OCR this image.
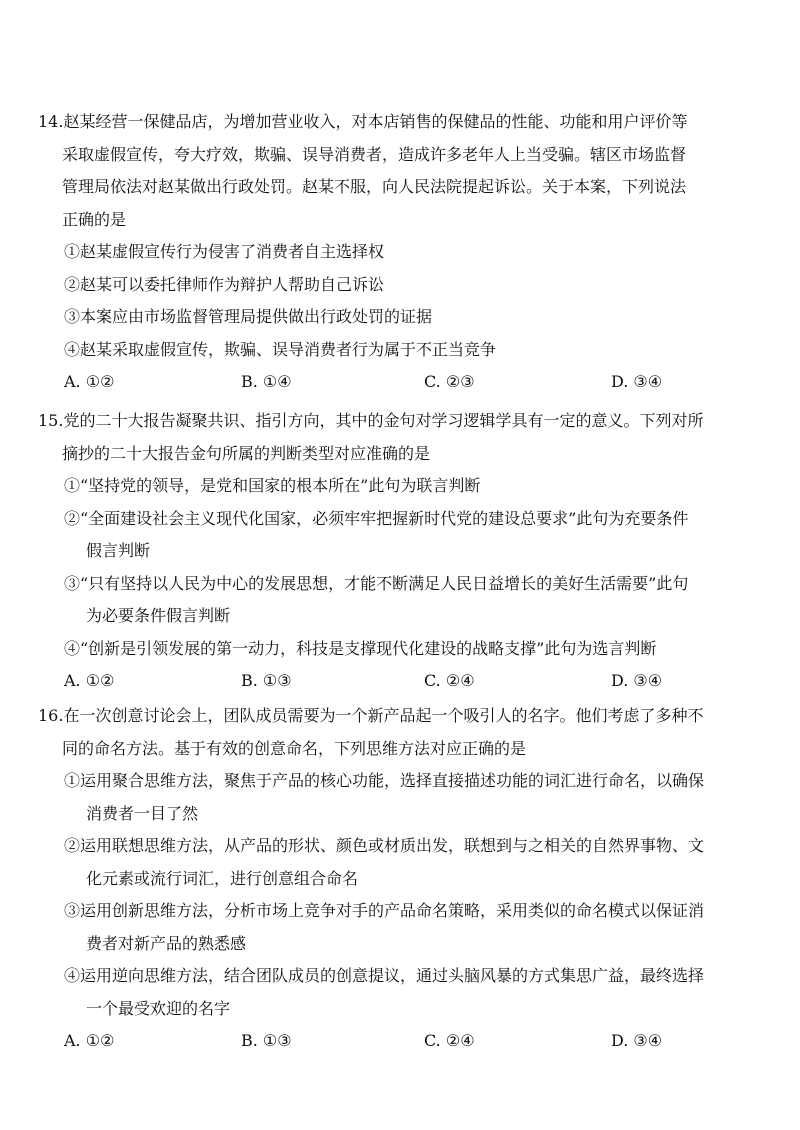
14.赵某经营一保健品店，为增加营业收入，对本店销售的保健品的性能、功能和用户评价等
采取虚假宣传，夸大疗效，欺骗、误导消费者，造成许多老年人上当受骗。辖区市场监督
管理局依法对赵某做出行政处罚。赵某不服，向人民法院提起诉讼。关于本案，下列说法
正确的是
①赵某虚假宣传行为侵害了消费者自主选择权
②赵某可以委托律师作为辩护人帮助自己诉讼
③本案应由市场监督管理局提供做出行政处罚的证据
④赵某采取虚假宣传，欺骗、误导消费者行为属于不正当竞争
A. ①②	B. ①④	C. ②③	D. ③④
15.党的二十大报告凝聚共识、指引方向，其中的金句对学习逻辑学具有一定的意义。下列对所
摘抄的二十大报告金句所属的判断类型对应准确的是
①“坚持党的领导，是党和国家的根本所在”此句为联言判断
②“全面建设社会主义现代化国家，必须牢牢把握新时代党的建设总要求”此句为充要条件
假言判断
③“只有坚持以人民为中心的发展思想，才能不断满足人民日益增长的美好生活需要”此句
为必要条件假言判断
④“创新是引领发展的第一动力，科技是支撑现代化建设的战略支撑”此句为选言判断
A. ①②	B. ①③	C. ②④	D. ③④
16.在一次创意讨论会上，团队成员需要为一个新产品起一个吸引人的名字。他们考虑了多种不
同的命名方法。基于有效的创意命名，下列思维方法对应正确的是
①运用聚合思维方法，聚焦于产品的核心功能，选择直接描述功能的词汇进行命名，以确保
消费者一目了然
②运用联想思维方法，从产品的形状、颜色或材质出发，联想到与之相关的自然界事物、文
化元素或流行词汇，进行创意组合命名
③运用创新思维方法，分析市场上竞争对手的产品命名策略，采用类似的命名模式以保证消
费者对新产品的熟悉感
④运用逆向思维方法，结合团队成员的创意提议，通过头脑风暴的方式集思广益，最终选择
一个最受欢迎的名字
A. ①②	B. ①③	C. ②④	D. ③④
